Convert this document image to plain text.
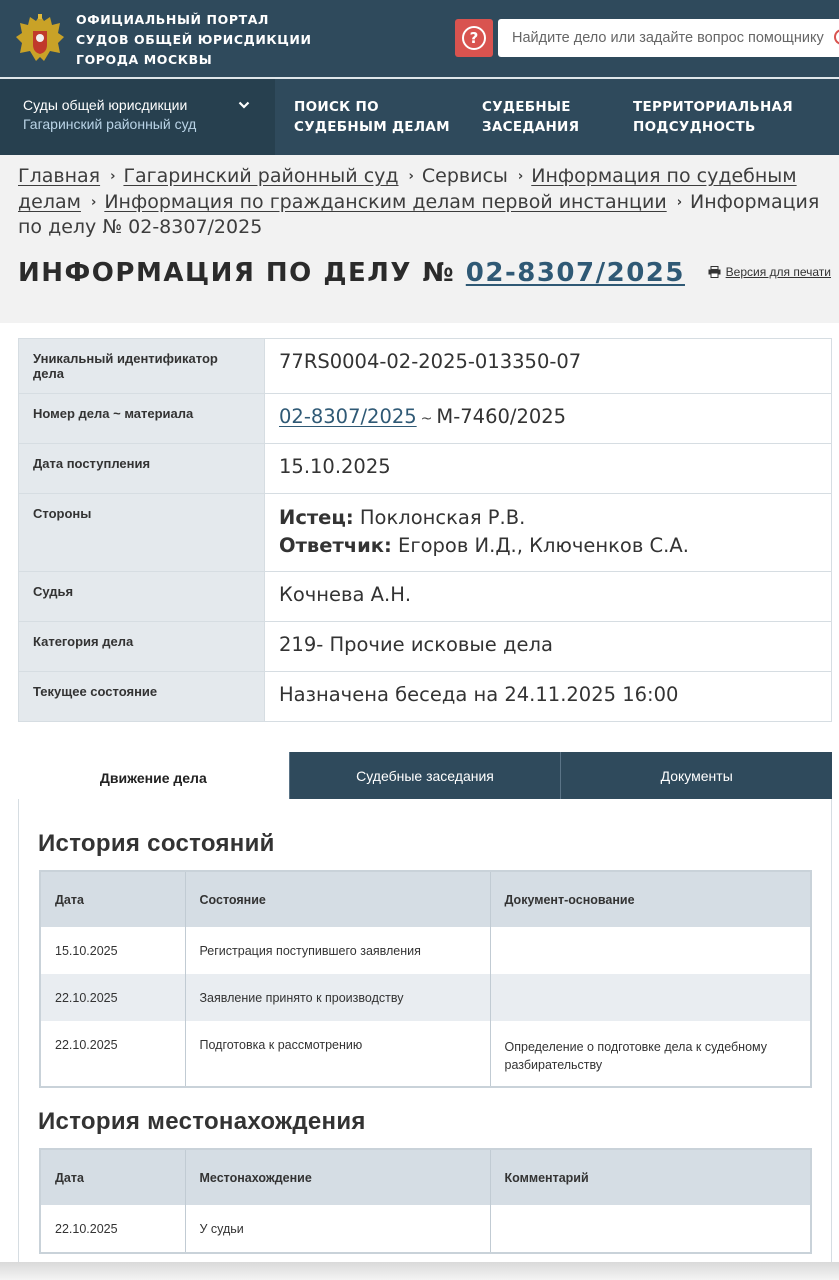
ОФИЦИАЛЬНЫЙ ПОРТАЛ
СУДОВ ОБЩЕЙ ЮРИСДИКЦИИ
ГОРОДА МОСКВЫ
?
Найдите дело или задайте вопрос помощнику
Суды общей юрисдикции
Гагаринский районный суд
ПОИСК ПО
СУДЕБНЫМ ДЕЛАМ
СУДЕБНЫЕ
ЗАСЕДАНИЯ
ТЕРРИТОРИАЛЬНАЯ
ПОДСУДНОСТЬ
Главная › Гагаринский районный суд › Сервисы › Информация по судебным делам › Информация по гражданским делам первой инстанции › Информация по делу № 02-8307/2025
ИНФОРМАЦИЯ ПО ДЕЛУ № 02-8307/2025	Версия для печати
Уникальный идентификатор дела	77RS0004-02-2025-013350-07
Номер дела ~ материала	02-8307/2025 ~ М-7460/2025
Дата поступления	15.10.2025
Стороны	Истец: Поклонская Р.В.
Ответчик: Егоров И.Д., Ключенков С.А.

Судья	Кочнева А.Н.
Категория дела	219- Прочие исковые дела
Текущее состояние	Назначена беседа на 24.11.2025 16:00
Движение дела	Судебные заседания	Документы
История состояний
Дата	Состояние	Документ-основание
15.10.2025	Регистрация поступившего заявления	
22.10.2025	Заявление принято к производству	
22.10.2025	Подготовка к рассмотрению	Определение о подготовке дела к судебному разбирательству
История местонахождения
Дата	Местонахождение	Комментарий
22.10.2025	У судьи	
